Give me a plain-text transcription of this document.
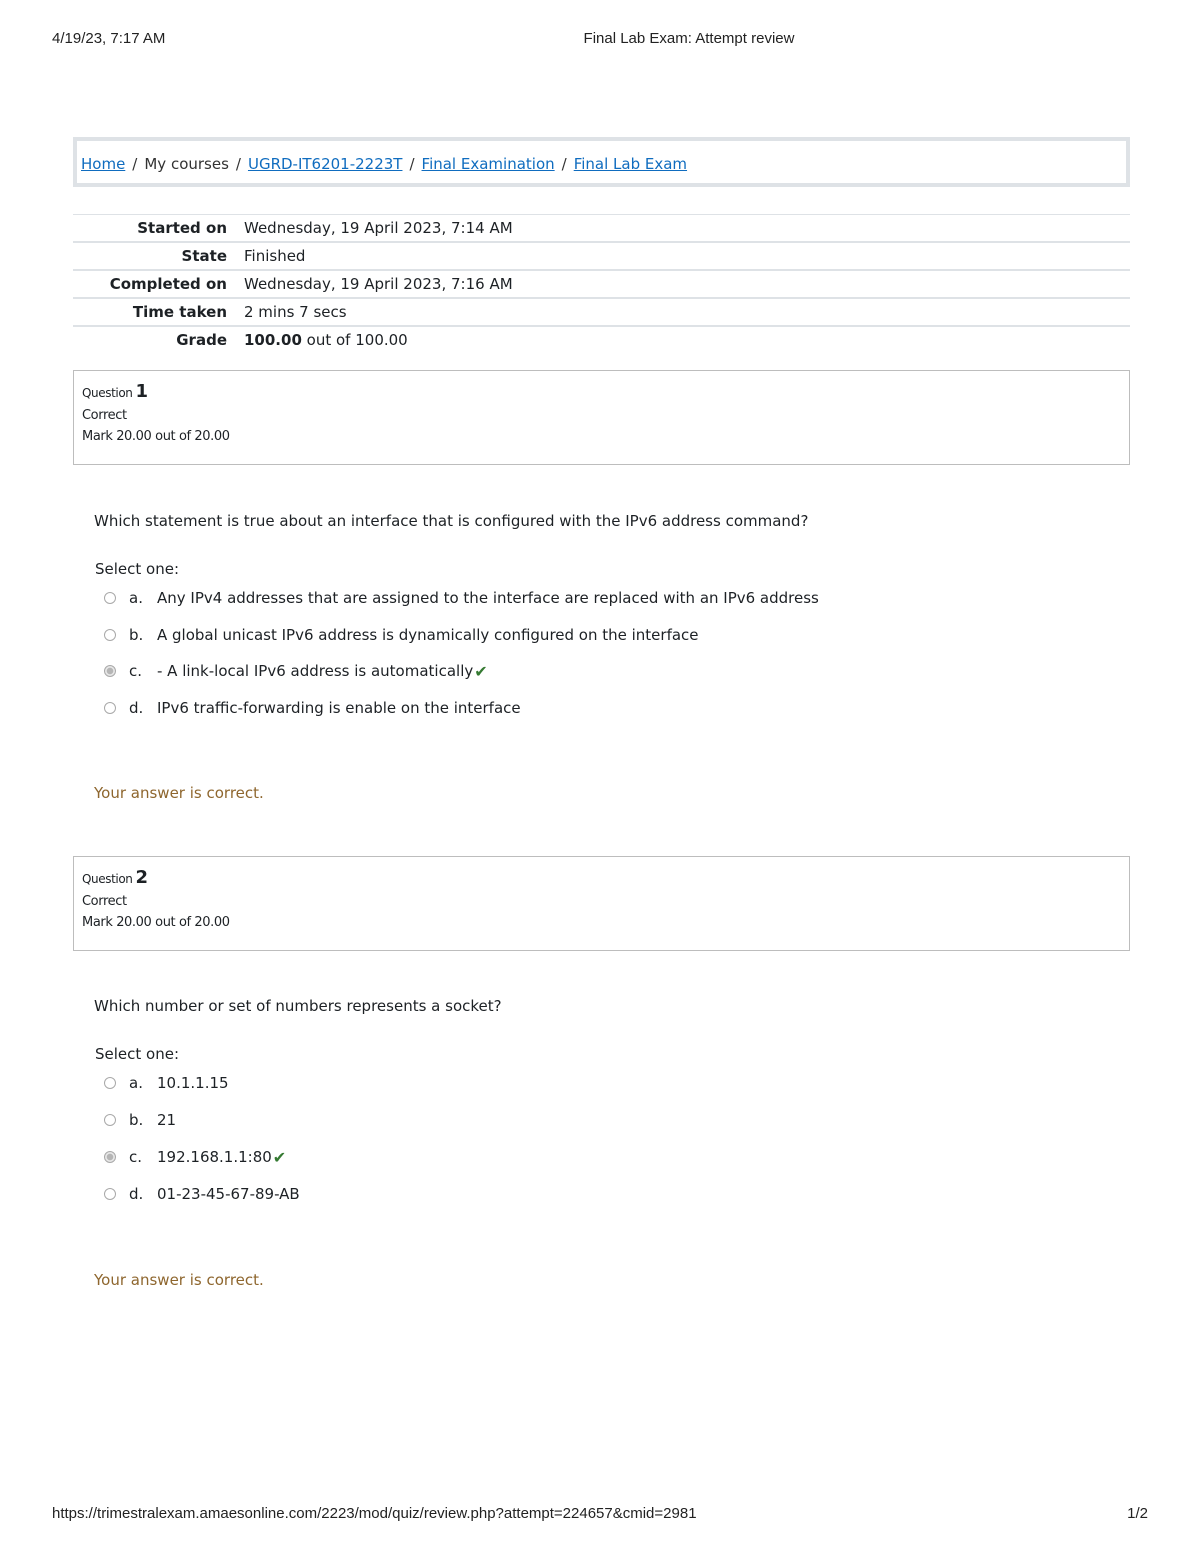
4/19/23, 7:17 AM	Final Lab Exam: Attempt review
Home / My courses / UGRD-IT6201-2223T / Final Examination / Final Lab Exam
Started on	Wednesday, 19 April 2023, 7:14 AM
State	Finished
Completed on	Wednesday, 19 April 2023, 7:16 AM
Time taken	2 mins 7 secs
Grade	100.00 out of 100.00
Question 1
Correct
Mark 20.00 out of 20.00
Which statement is true about an interface that is configured with the IPv6 address command?
Select one:
a. Any IPv4 addresses that are assigned to the interface are replaced with an IPv6 address
b. A global unicast IPv6 address is dynamically configured on the interface
c. - A link-local IPv6 address is automatically ✔
d. IPv6 traffic-forwarding is enable on the interface
Your answer is correct.
Question 2
Correct
Mark 20.00 out of 20.00
Which number or set of numbers represents a socket?
Select one:
a. 10.1.1.15
b. 21
c. 192.168.1.1:80 ✔
d. 01-23-45-67-89-AB
Your answer is correct.
https://trimestralexam.amaesonline.com/2223/mod/quiz/review.php?attempt=224657&cmid=2981	1/2
